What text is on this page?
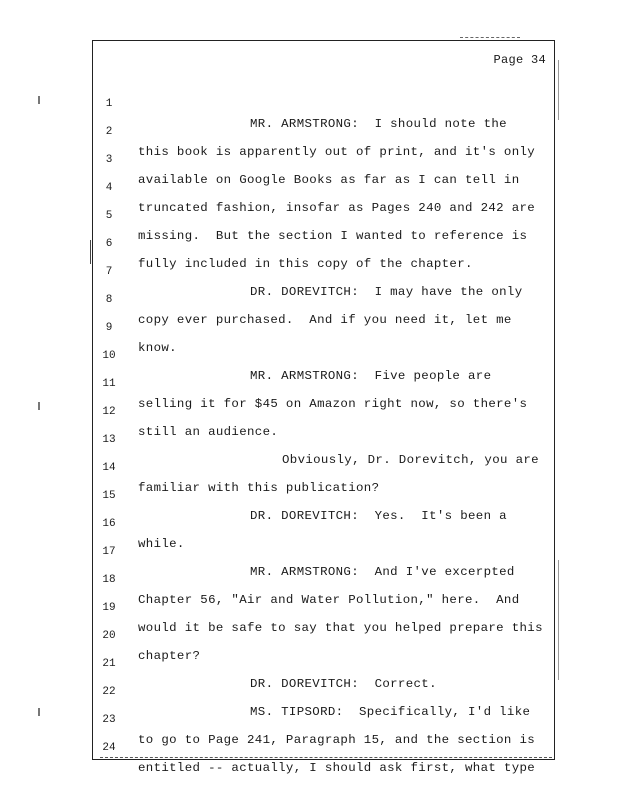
Page 34

1

MR. ARMSTRONG:  I should note the

2

this book is apparently out of print, and it's only

3

available on Google Books as far as I can tell in

4

truncated fashion, insofar as Pages 240 and 242 are

5

missing.  But the section I wanted to reference is

6

fully included in this copy of the chapter.

7

DR. DOREVITCH:  I may have the only

8

copy ever purchased.  And if you need it, let me

9

know.

10

MR. ARMSTRONG:  Five people are

11

selling it for $45 on Amazon right now, so there's

12

still an audience.

13

Obviously, Dr. Dorevitch, you are

14

familiar with this publication?

15

DR. DOREVITCH:  Yes.  It's been a

16

while.

17

MR. ARMSTRONG:  And I've excerpted

18

Chapter 56, "Air and Water Pollution," here.  And

19

would it be safe to say that you helped prepare this

20

chapter?

21

DR. DOREVITCH:  Correct.

22

MS. TIPSORD:  Specifically, I'd like

23

to go to Page 241, Paragraph 15, and the section is

24

entitled -- actually, I should ask first, what type
